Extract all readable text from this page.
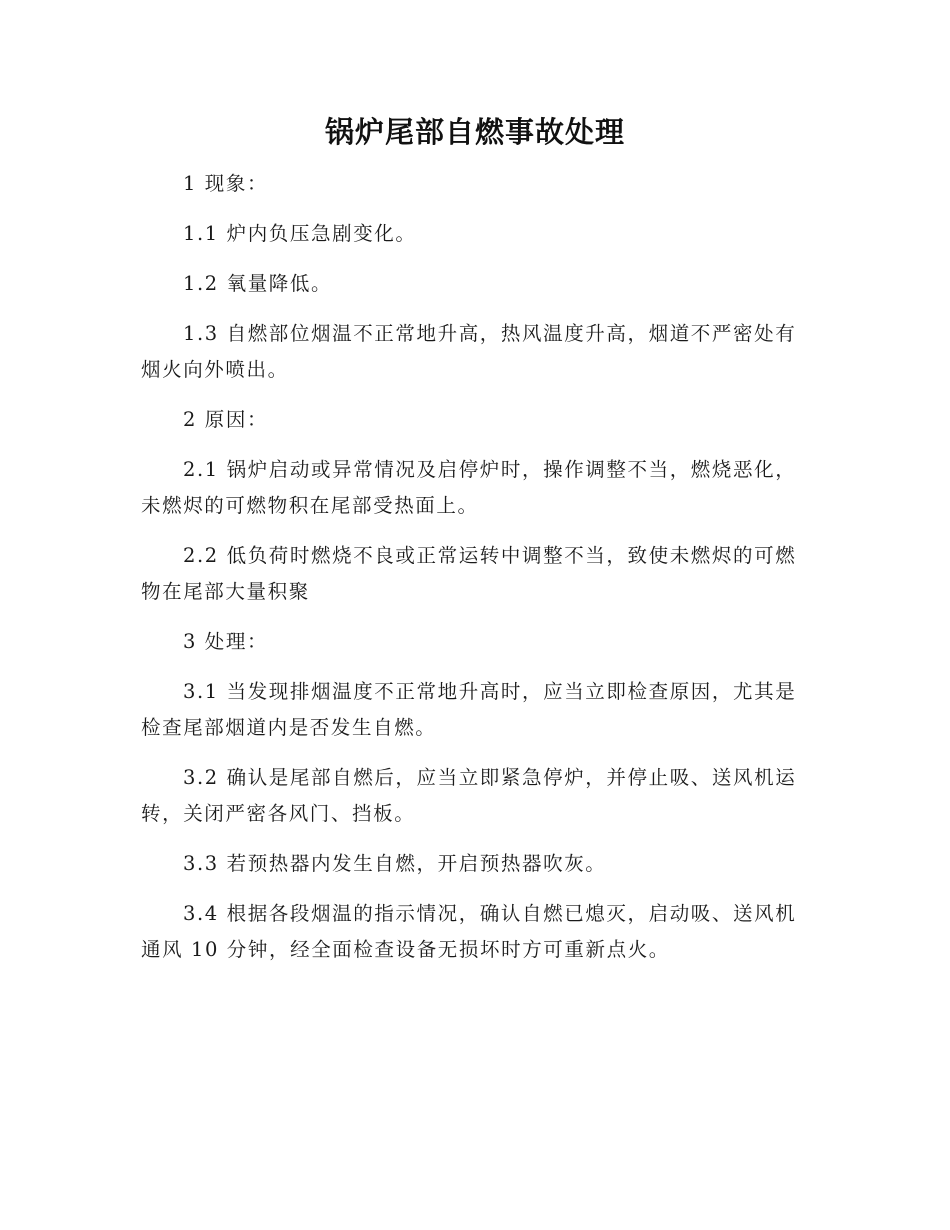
锅炉尾部自燃事故处理

1 现象：

1.1 炉内负压急剧变化。

1.2 氧量降低。

1.3 自燃部位烟温不正常地升高，热风温度升高，烟道不严密处有烟火向外喷出。

2 原因：

2.1 锅炉启动或异常情况及启停炉时，操作调整不当，燃烧恶化，未燃烬的可燃物积在尾部受热面上。

2.2 低负荷时燃烧不良或正常运转中调整不当，致使未燃烬的可燃物在尾部大量积聚

3 处理：

3.1 当发现排烟温度不正常地升高时，应当立即检查原因，尤其是检查尾部烟道内是否发生自燃。

3.2 确认是尾部自燃后，应当立即紧急停炉，并停止吸、送风机运转，关闭严密各风门、挡板。

3.3 若预热器内发生自燃，开启预热器吹灰。

3.4 根据各段烟温的指示情况，确认自燃已熄灭，启动吸、送风机通风 10 分钟，经全面检查设备无损坏时方可重新点火。
